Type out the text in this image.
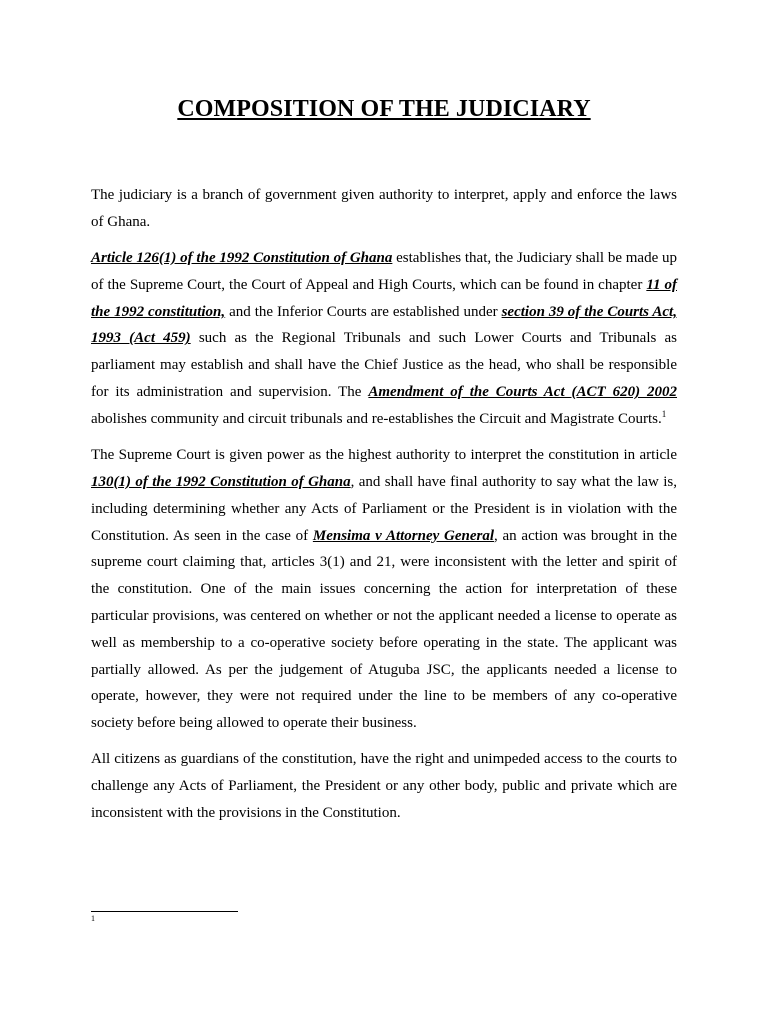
COMPOSITION OF THE JUDICIARY

The judiciary is a branch of government given authority to interpret, apply and enforce the laws of Ghana.

Article 126(1) of the 1992 Constitution of Ghana establishes that, the Judiciary shall be made up of the Supreme Court, the Court of Appeal and High Courts, which can be found in chapter 11 of the 1992 constitution, and the Inferior Courts are established under section 39 of the Courts Act, 1993 (Act 459) such as the Regional Tribunals and such Lower Courts and Tribunals as parliament may establish and shall have the Chief Justice as the head, who shall be responsible for its administration and supervision. The Amendment of the Courts Act (ACT 620) 2002 abolishes community and circuit tribunals and re-establishes the Circuit and Magistrate Courts.$^1$

The Supreme Court is given power as the highest authority to interpret the constitution in article 130(1) of the 1992 Constitution of Ghana, and shall have final authority to say what the law is, including determining whether any Acts of Parliament or the President is in violation with the Constitution. As seen in the case of Mensima v Attorney General, an action was brought in the supreme court claiming that, articles 3(1) and 21, were inconsistent with the letter and spirit of the constitution. One of the main issues concerning the action for interpretation of these particular provisions, was centered on whether or not the applicant needed a license to operate as well as membership to a co-operative society before operating in the state. The applicant was partially allowed. As per the judgement of Atuguba JSC, the applicants needed a license to operate, however, they were not required under the line to be members of any co-operative society before being allowed to operate their business.

All citizens as guardians of the constitution, have the right and unimpeded access to the courts to challenge any Acts of Parliament, the President or any other body, public and private which are inconsistent with the provisions in the Constitution.

1
